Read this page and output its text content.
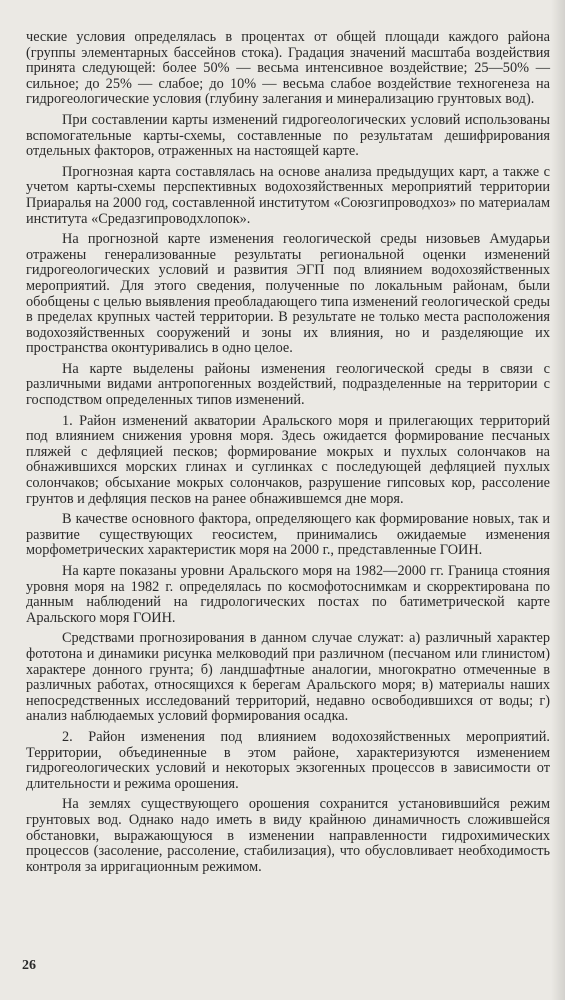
ческие условия определялась в процентах от общей площади каждого района (группы элементарных бассейнов стока). Градация значений масштаба воздействия принята следующей: более 50% — весьма интенсивное воздействие; 25—50% — сильное; до 25% — слабое; до 10% — весьма слабое воздействие техногенеза на гидрогеологические условия (глубину залегания и минерализацию грунтовых вод).

При составлении карты изменений гидрогеологических условий использованы вспомогательные карты-схемы, составленные по результатам дешифрирования отдельных факторов, отраженных на настоящей карте.

Прогнозная карта составлялась на основе анализа предыдущих карт, а также с учетом карты-схемы перспективных водохозяйственных мероприятий территории Приаралья на 2000 год, составленной институтом «Союзгипроводхоз» по материалам института «Средазгипроводхлопок».

На прогнозной карте изменения геологической среды низовьев Амударьи отражены генерализованные результаты региональной оценки изменений гидрогеологических условий и развития ЭГП под влиянием водохозяйственных мероприятий. Для этого сведения, полученные по локальным районам, были обобщены с целью выявления преобладающего типа изменений геологической среды в пределах крупных частей территории. В результате не только места расположения водохозяйственных сооружений и зоны их влияния, но и разделяющие их пространства оконтуривались в одно целое.

На карте выделены районы изменения геологической среды в связи с различными видами антропогенных воздействий, подразделенные на территории с господством определенных типов изменений.

1. Район изменений акватории Аральского моря и прилегающих территорий под влиянием снижения уровня моря. Здесь ожидается формирование песчаных пляжей с дефляцией песков; формирование мокрых и пухлых солончаков на обнажившихся морских глинах и суглинках с последующей дефляцией пухлых солончаков; обсыхание мокрых солончаков, разрушение гипсовых кор, рассоление грунтов и дефляция песков на ранее обнажившемся дне моря.

В качестве основного фактора, определяющего как формирование новых, так и развитие существующих геосистем, принимались ожидаемые изменения морфометрических характеристик моря на 2000 г., представленные ГОИН.

На карте показаны уровни Аральского моря на 1982—2000 гг. Граница стояния уровня моря на 1982 г. определялась по космофотоснимкам и скорректирована по данным наблюдений на гидрологических постах по батиметрической карте Аральского моря ГОИН.

Средствами прогнозирования в данном случае служат: а) различный характер фототона и динамики рисунка мелководий при различном (песчаном или глинистом) характере донного грунта; б) ландшафтные аналогии, многократно отмеченные в различных работах, относящихся к берегам Аральского моря; в) материалы наших непосредственных исследований территорий, недавно освободившихся от воды; г) анализ наблюдаемых условий формирования осадка.

2. Район изменения под влиянием водохозяйственных мероприятий. Территории, объединенные в этом районе, характеризуются изменением гидрогеологических условий и некоторых экзогенных процессов в зависимости от длительности и режима орошения.

На землях существующего орошения сохранится установившийся режим грунтовых вод. Однако надо иметь в виду крайнюю динамичность сложившейся обстановки, выражающуюся в изменении направленности гидрохимических процессов (засоление, рассоление, стабилизация), что обусловливает необходимость контроля за ирригационным режимом.

26
